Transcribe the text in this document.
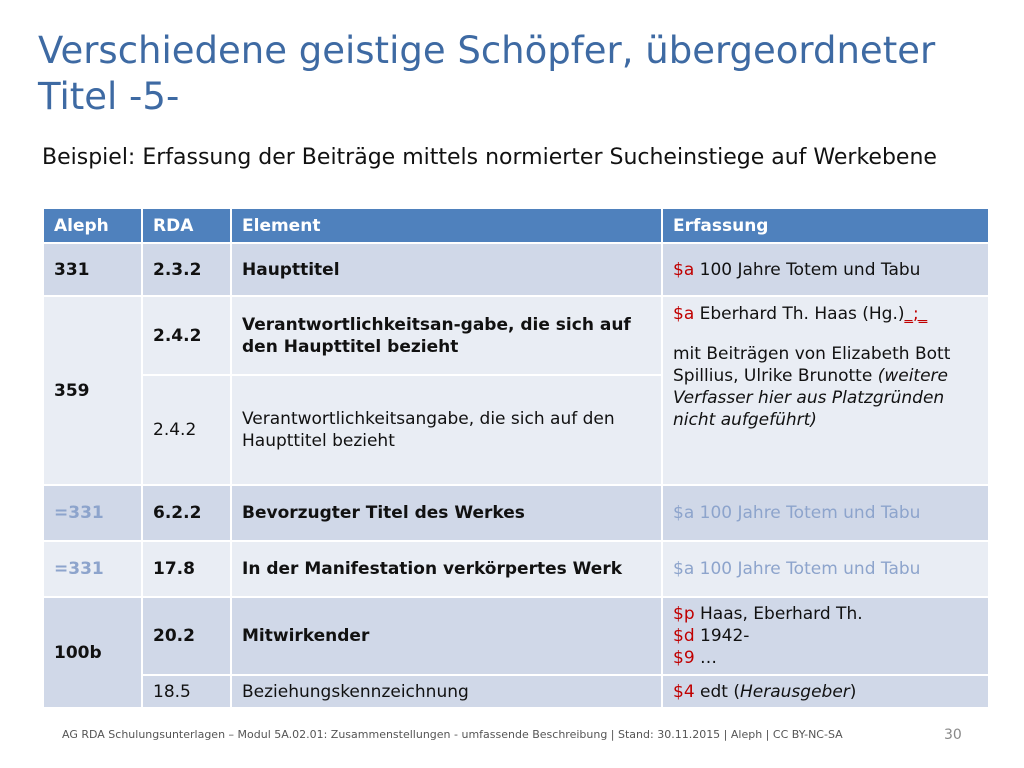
Verschiedene geistige Schöpfer, übergeordneter Titel -5-

Beispiel: Erfassung der Beiträge mittels normierter Sucheinstiege auf Werkebene

Aleph	RDA	Element	Erfassung
331	2.3.2	Haupttitel	$a 100 Jahre Totem und Tabu
359	2.4.2	Verantwortlichkeitsan-gabe, die sich auf den Haupttitel bezieht	$a Eberhard Th. Haas (Hg.)_;_
mit Beiträgen von Elizabeth Bott Spillius, Ulrike Brunotte (weitere Verfasser hier aus Platzgründen nicht aufgeführt)

	2.4.2	Verantwortlichkeitsangabe, die sich auf den Haupttitel bezieht	
=331	6.2.2	Bevorzugter Titel des Werkes	$a 100 Jahre Totem und Tabu
=331	17.8	In der Manifestation verkörpertes Werk	$a 100 Jahre Totem und Tabu
100b	20.2	Mitwirkender	$p Haas, Eberhard Th.
$d 1942-
$9 …

	18.5	Beziehungskennzeichnung	$4 edt (Herausgeber)
AG RDA Schulungsunterlagen – Modul 5A.02.01: Zusammenstellungen - umfassende Beschreibung | Stand: 30.11.2015 | Aleph | CC BY-NC-SA	30
